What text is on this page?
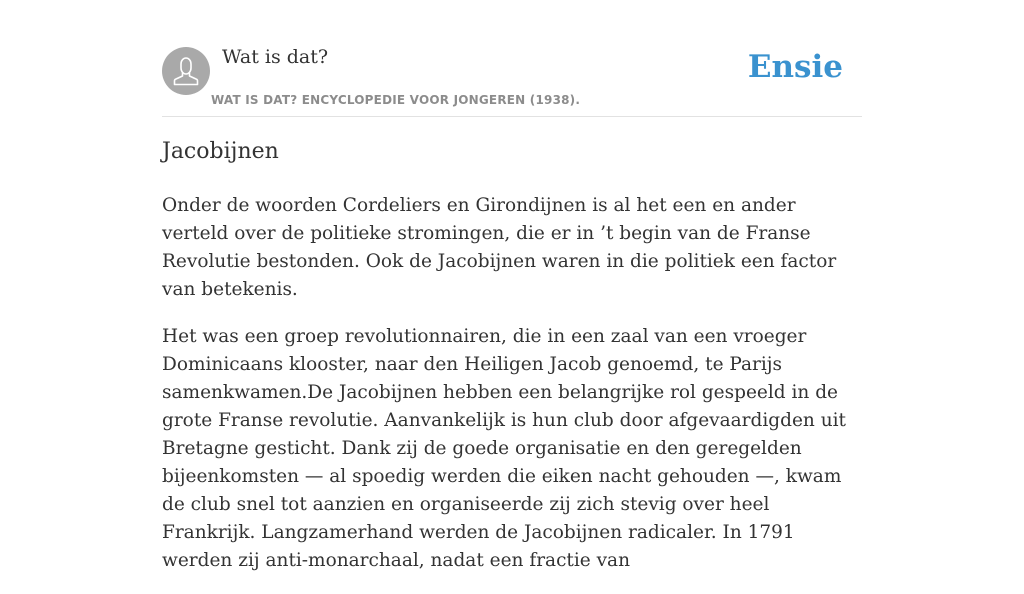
Wat is dat?
WAT IS DAT? ENCYCLOPEDIE VOOR JONGEREN (1938).
Ensie
Jacobijnen

Onder de woorden Cordeliers en Girondijnen is al het een en ander verteld over de politieke stromingen, die er in ’t begin van de Franse Revolutie bestonden. Ook de Jacobijnen waren in die politiek een factor van betekenis.

Het was een groep revolutionnairen, die in een zaal van een vroeger Dominicaans klooster, naar den Heiligen Jacob genoemd, te Parijs samenkwamen.De Jacobijnen hebben een belangrijke rol gespeeld in de grote Franse revolutie. Aanvankelijk is hun club door afgevaardigden uit Bretagne gesticht. Dank zij de goede organisatie en den geregelden bijeenkomsten — al spoedig werden die eiken nacht gehouden —, kwam de club snel tot aanzien en organiseerde zij zich stevig over heel Frankrijk. Langzamerhand werden de Jacobijnen radicaler. In 1791 werden zij anti-monarchaal, nadat een fractie van
